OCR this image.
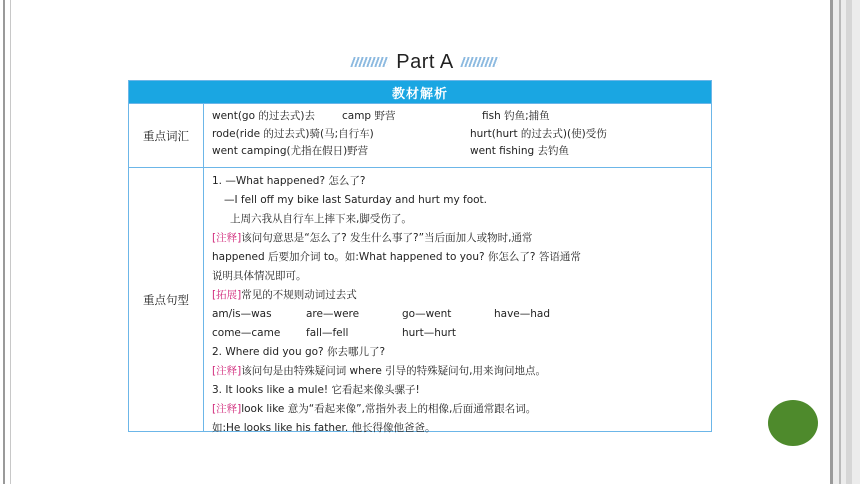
Part A
教材解析
重点词汇
went(go 的过去式)去	camp 野营	fish 钓鱼;捕鱼
rode(ride 的过去式)骑(马;自行车)	hurt(hurt 的过去式)(使)受伤
went camping(尤指在假日)野营	went fishing 去钓鱼
重点句型
1. —What happened? 怎么了?
—I fell off my bike last Saturday and hurt my foot.
上周六我从自行车上摔下来,脚受伤了。
[注释]该问句意思是“怎么了? 发生什么事了?”当后面加人或物时,通常
happened 后要加介词 to。如:What happened to you? 你怎么了? 答语通常
说明具体情况即可。
[拓展]常见的不规则动词过去式
am/is—was	are—were	go—went	have—had
come—came	fall—fell	hurt—hurt
2. Where did you go? 你去哪儿了?
[注释]该问句是由特殊疑问词 where 引导的特殊疑问句,用来询问地点。
3. It looks like a mule! 它看起来像头骡子!
[注释]look like 意为“看起来像”,常指外表上的相像,后面通常跟名词。
如:He looks like his father. 他长得像他爸爸。
